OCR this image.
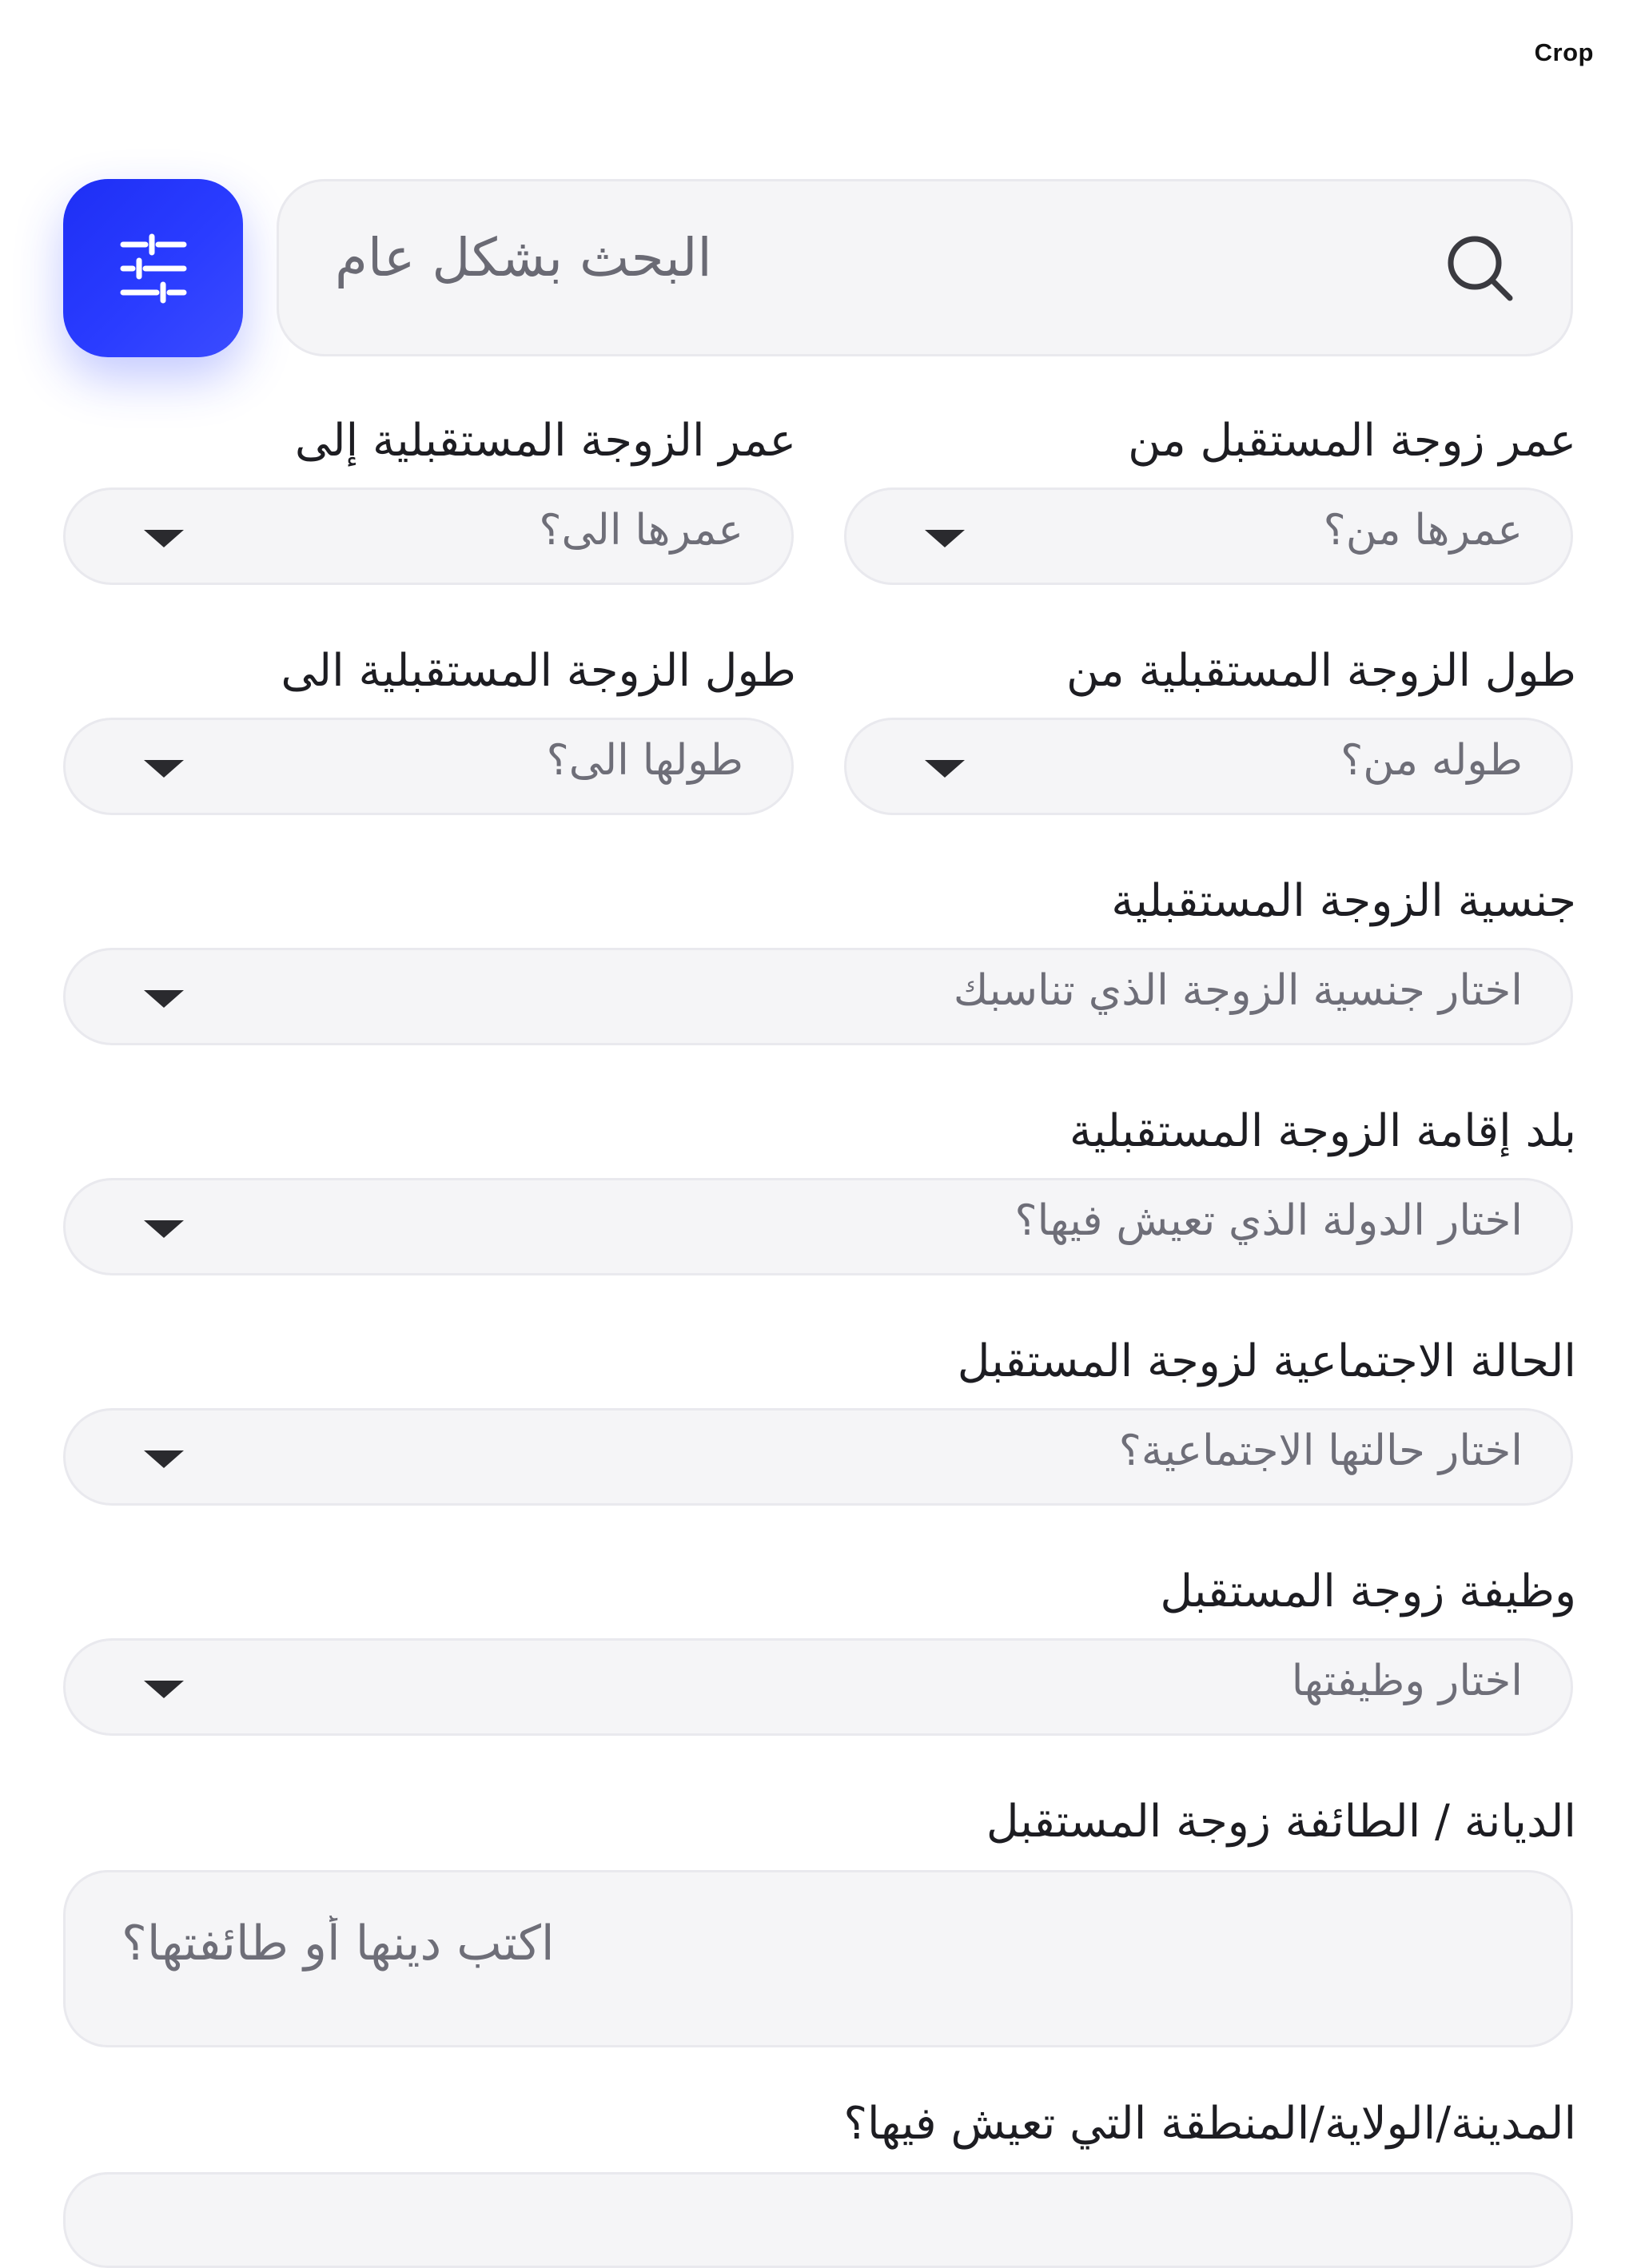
Crop
البحث بشكل عام
عمر زوجة المستقبل من
عمرها من؟
عمر الزوجة المستقبلية إلى
عمرها الى؟
طول الزوجة المستقبلية من
طوله من؟
طول الزوجة المستقبلية الى
طولها الى؟
جنسية الزوجة المستقبلية
اختار جنسية الزوجة الذي تناسبك
بلد إقامة الزوجة المستقبلية
اختار الدولة الذي تعيش فيها؟
الحالة الاجتماعية لزوجة المستقبل
اختار حالتها الاجتماعية؟
وظيفة زوجة المستقبل
اختار وظيفتها
الديانة / الطائفة زوجة المستقبل
اكتب دينها أو طائفتها؟
المدينة/الولاية/المنطقة التي تعيش فيها؟
